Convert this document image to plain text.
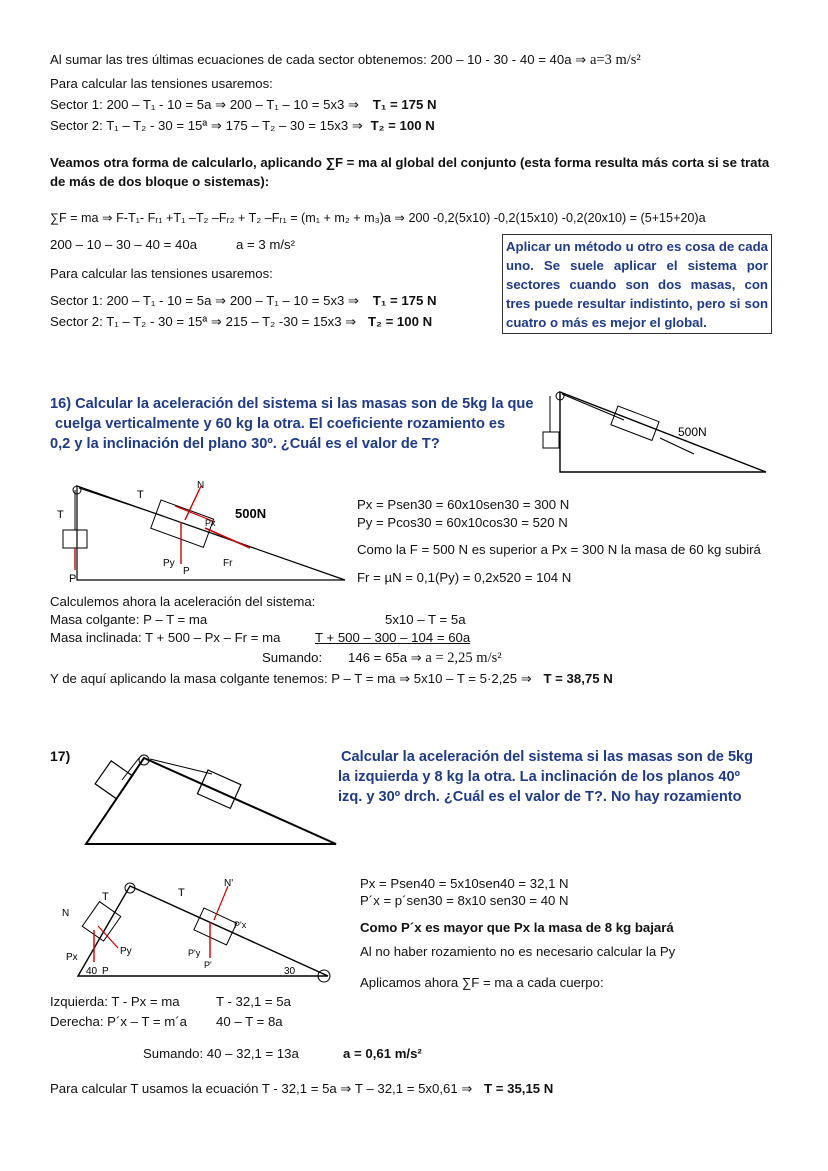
Al sumar las tres últimas ecuaciones de cada sector obtenemos: 200 – 10 - 30 - 40 = 40a ⇒ a=3 m/s²
Para calcular las tensiones usaremos:
Sector 1: 200 – T₁ - 10 = 5a ⇒ 200 – T₁ – 10 = 5x3 ⇒ T₁ = 175 N
Sector 2: T₁ – T₂ - 30 = 15ª ⇒ 175 – T₂ – 30 = 15x3 ⇒ T₂ = 100 N
Veamos otra forma de calcularlo, aplicando ∑F = ma al global del conjunto (esta forma resulta más corta si se trata
de más de dos bloque o sistemas):
∑F = ma ⇒ F-T₁- Fᵣ₁ +T₁ –T₂ –Fᵣ₂ + T₂ –Fᵣ₁ = (m₁ + m₂ + m₃)a ⇒ 200 -0,2(5x10) -0,2(15x10) -0,2(20x10) = (5+15+20)a
200 – 10 – 30 – 40 = 40a	a = 3 m/s²
Para calcular las tensiones usaremos:
Sector 1: 200 – T₁ - 10 = 5a ⇒ 200 – T₁ – 10 = 5x3 ⇒ T₁ = 175 N
Sector 2: T₁ – T₂ - 30 = 15ª ⇒ 215 – T₂ -30 = 15x3 ⇒ T₂ = 100 N
Aplicar un método u otro es cosa de cada uno. Se suele aplicar el sistema por sectores cuando son dos masas, con tres puede resultar indistinto, pero si son cuatro o más es mejor el global.
16) Calcular la aceleración del sistema si las masas son de 5kg la que
cuelga verticalmente y 60 kg la otra. El coeficiente rozamiento es
0,2 y la inclinación del plano 30º. ¿Cuál es el valor de T?
500N
T
T
N
500N
Py
P
Px
Fr
P
Px = Psen30 = 60x10sen30 = 300 N
Py = Pcos30 = 60x10cos30 = 520 N
Como la F = 500 N es superior a Px = 300 N la masa de 60 kg subirá
Fr = µN = 0,1(Py) = 0,2x520 = 104 N
Calculemos ahora la aceleración del sistema:
Masa colgante: P – T = ma	5x10 – T = 5a
Masa inclinada: T + 500 – Px – Fr = ma	T + 500 – 300 – 104 = 60a
Sumando: 146 = 65a ⇒ a = 2,25 m/s²
Y de aquí aplicando la masa colgante tenemos: P – T = ma ⇒ 5x10 – T = 5·2,25 ⇒ T = 38,75 N
17)	Calcular la aceleración del sistema si las masas son de 5kg
la izquierda y 8 kg la otra. La inclinación de los planos 40º
izq. y 30º drch. ¿Cuál es el valor de T?. No hay rozamiento
T	T
N
N'
Px
Py
40 P
P'y
P'
P'x
30
Px = Psen40 = 5x10sen40 = 32,1 N
P´x = p´sen30 = 8x10 sen30 = 40 N
Como P´x es mayor que Px la masa de 8 kg bajará
Al no haber rozamiento no es necesario calcular la Py
Aplicamos ahora ∑F = ma a cada cuerpo:
Izquierda: T - Px = ma	T - 32,1 = 5a
Derecha: P´x – T = m´a 40 – T = 8a
Sumando: 40 – 32,1 = 13a	a = 0,61 m/s²
Para calcular T usamos la ecuación T - 32,1 = 5a ⇒ T – 32,1 = 5x0,61 ⇒ T = 35,15 N
